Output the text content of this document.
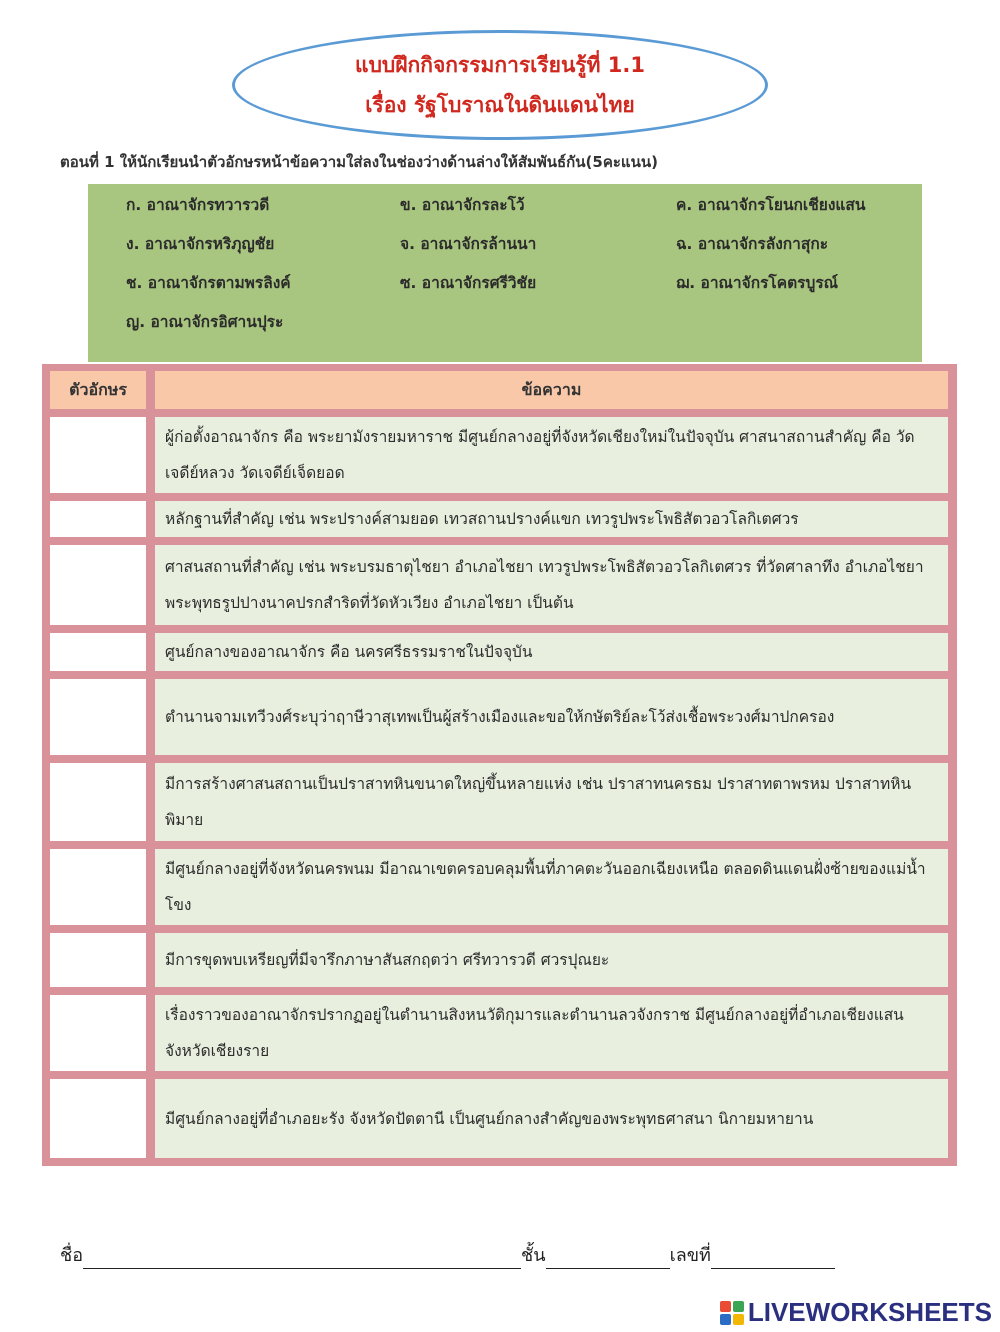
แบบฝึกกิจกรรมการเรียนรู้ที่ 1.1
เรื่อง รัฐโบราณในดินแดนไทย
ตอนที่ 1 ให้นักเรียนนำตัวอักษรหน้าข้อความใส่ลงในช่องว่างด้านล่างให้สัมพันธ์กัน(5คะแนน)
ก. อาณาจักรทวารวดี	ข. อาณาจักรละโว้	ค. อาณาจักรโยนกเชียงแสน
ง. อาณาจักรหริภุญชัย	จ. อาณาจักรล้านนา	ฉ. อาณาจักรลังกาสุกะ
ช. อาณาจักรตามพรลิงค์	ซ. อาณาจักรศรีวิชัย	ฌ. อาณาจักรโคตรบูรณ์
ญ. อาณาจักรอิศานปุระ
ตัวอักษร	ข้อความ
ผู้ก่อตั้งอาณาจักร คือ พระยามังรายมหาราช มีศูนย์กลางอยู่ที่จังหวัดเชียงใหม่ในปัจจุบัน ศาสนาสถานสำคัญ คือ วัดเจดีย์หลวง วัดเจดีย์เจ็ดยอด
หลักฐานที่สำคัญ เช่น พระปรางค์สามยอด เทวสถานปรางค์แขก เทวรูปพระโพธิสัตวอวโลกิเตศวร
ศาสนสถานที่สำคัญ เช่น พระบรมธาตุไชยา อำเภอไชยา เทวรูปพระโพธิสัตวอวโลกิเตศวร ที่วัดศาลาทึง อำเภอไชยา พระพุทธรูปปางนาคปรกสำริดที่วัดหัวเวียง อำเภอไชยา เป็นต้น
ศูนย์กลางของอาณาจักร คือ นครศรีธรรมราชในปัจจุบัน
ตำนานจามเทวีวงศ์ระบุว่าฤาษีวาสุเทพเป็นผู้สร้างเมืองและขอให้กษัตริย์ละโว้ส่งเชื้อพระวงศ์มาปกครอง
มีการสร้างศาสนสถานเป็นปราสาทหินขนาดใหญ่ขึ้นหลายแห่ง เช่น ปราสาทนครธม ปราสาทตาพรหม ปราสาทหินพิมาย
มีศูนย์กลางอยู่ที่จังหวัดนครพนม มีอาณาเขตครอบคลุมพื้นที่ภาคตะวันออกเฉียงเหนือ ตลอดดินแดนฝั่งซ้ายของแม่น้ำโขง
มีการขุดพบเหรียญที่มีจารึกภาษาสันสกฤตว่า ศรีทวารวดี ศวรปุณยะ
เรื่องราวของอาณาจักรปรากฏอยู่ในตำนานสิงหนวัติกุมารและตำนานลวจังกราช มีศูนย์กลางอยู่ที่อำเภอเชียงแสน จังหวัดเชียงราย
มีศูนย์กลางอยู่ที่อำเภอยะรัง จังหวัดปัตตานี เป็นศูนย์กลางสำคัญของพระพุทธศาสนา นิกายมหายาน
ชื่อ	ชั้น	เลขที่
LIVEWORKSHEETS
